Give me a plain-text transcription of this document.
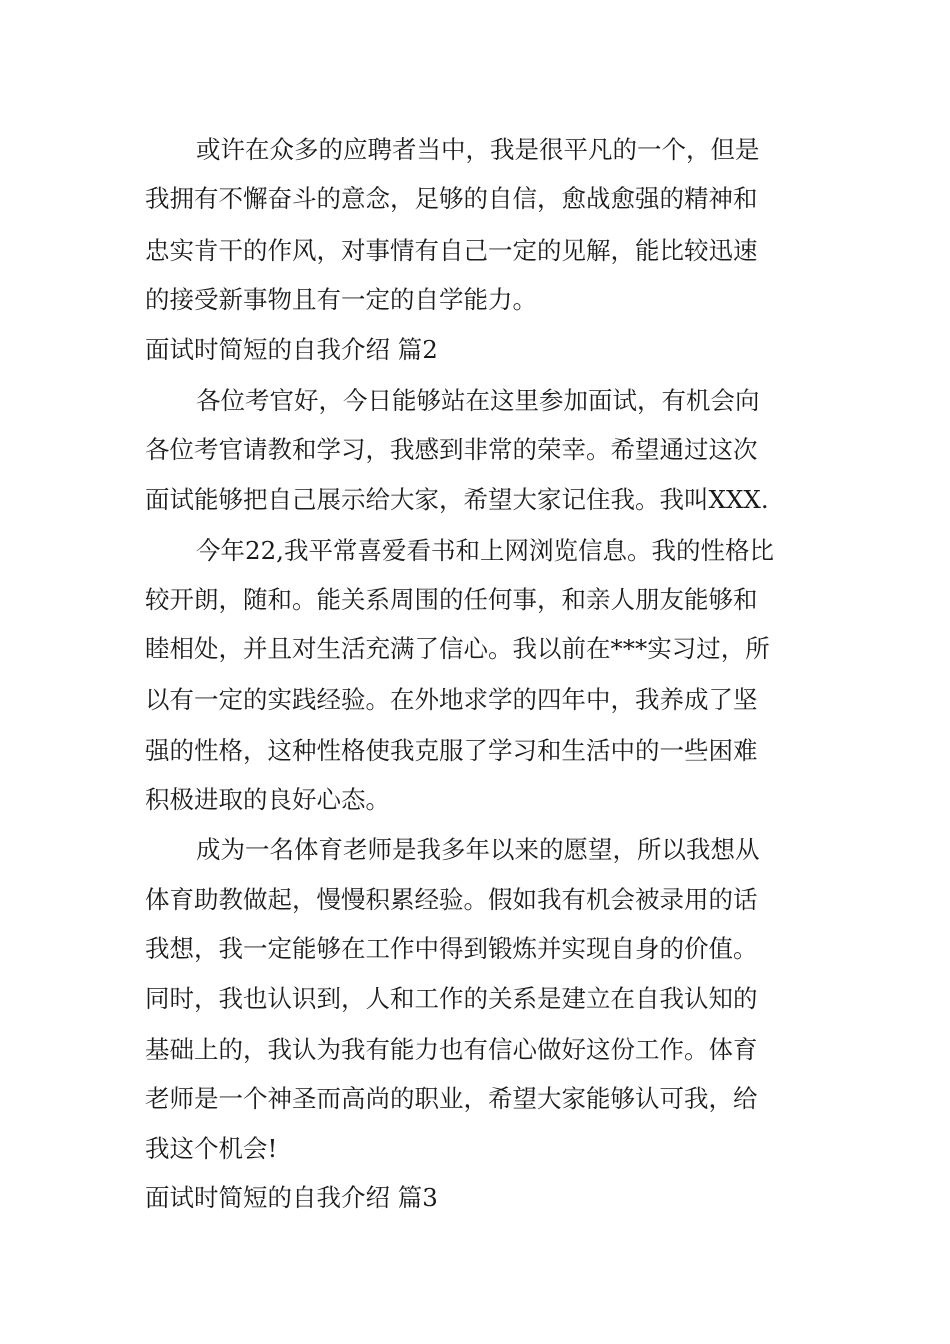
或许在众多的应聘者当中，我是很平凡的一个，但是
我拥有不懈奋斗的意念，足够的自信，愈战愈强的精神和
忠实肯干的作风，对事情有自己一定的见解，能比较迅速
的接受新事物且有一定的自学能力。
面试时简短的自我介绍 篇2
各位考官好，今日能够站在这里参加面试，有机会向
各位考官请教和学习，我感到非常的荣幸。希望通过这次
面试能够把自己展示给大家，希望大家记住我。我叫XXX.
今年22,我平常喜爱看书和上网浏览信息。我的性格比
较开朗，随和。能关系周围的任何事，和亲人朋友能够和
睦相处，并且对生活充满了信心。我以前在***实习过，所
以有一定的实践经验。在外地求学的四年中，我养成了坚
强的性格，这种性格使我克服了学习和生活中的一些困难
积极进取的良好心态。
成为一名体育老师是我多年以来的愿望，所以我想从
体育助教做起，慢慢积累经验。假如我有机会被录用的话
我想，我一定能够在工作中得到锻炼并实现自身的价值。
同时，我也认识到，人和工作的关系是建立在自我认知的
基础上的，我认为我有能力也有信心做好这份工作。体育
老师是一个神圣而高尚的职业，希望大家能够认可我，给
我这个机会!
面试时简短的自我介绍 篇3
